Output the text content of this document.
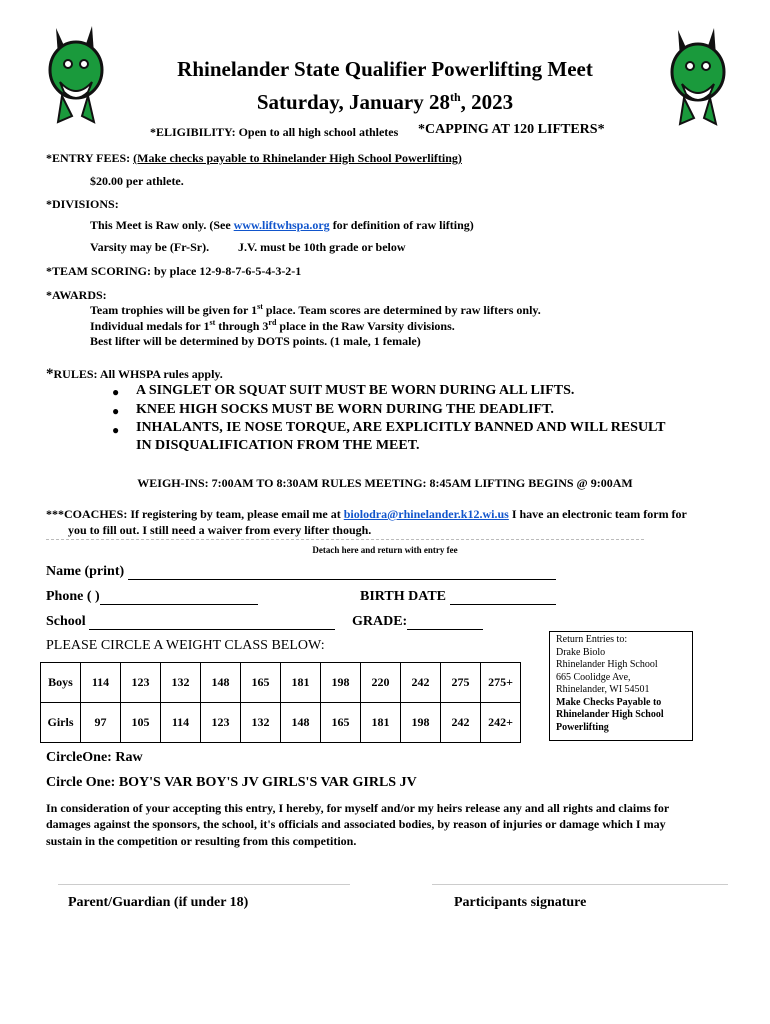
Rhinelander State Qualifier Powerlifting Meet
Saturday, January 28th, 2023
*ELIGIBILITY: Open to all high school athletes *CAPPING AT 120 LIFTERS*
*ENTRY FEES: (Make checks payable to Rhinelander High School Powerlifting)
$20.00 per athlete.
*DIVISIONS:
This Meet is Raw only. (See www.liftwhspa.org for definition of raw lifting)
Varsity may be (Fr-Sr). J.V. must be 10th grade or below
*TEAM SCORING: by place 12-9-8-7-6-5-4-3-2-1
*AWARDS:
Team trophies will be given for 1st place. Team scores are determined by raw lifters only.
Individual medals for 1st through 3rd place in the Raw Varsity divisions.
Best lifter will be determined by DOTS points. (1 male, 1 female)
*RULES: All WHSPA rules apply.
● A SINGLET OR SQUAT SUIT MUST BE WORN DURING ALL LIFTS.
● KNEE HIGH SOCKS MUST BE WORN DURING THE DEADLIFT.
● INHALANTS, IE NOSE TORQUE, ARE EXPLICITLY BANNED AND WILL RESULT
IN DISQUALIFICATION FROM THE MEET.
WEIGH-INS: 7:00AM TO 8:30AM RULES MEETING: 8:45AM LIFTING BEGINS @ 9:00AM
***COACHES: If registering by team, please email me at biolodra@rhinelander.k12.wi.us I have an electronic team form for
you to fill out. I still need a waiver from every lifter though.
Detach here and return with entry fee
Name (print)
Phone ( )	BIRTH DATE
School	GRADE:
PLEASE CIRCLE A WEIGHT CLASS BELOW:	Return Entries to:
Drake Biolo
Rhinelander High School
665 Coolidge Ave,
Rhinelander, WI 54501
Make Checks Payable to
Rhinelander High School
Powerlifting
Boys	114	123	132	148	165	181	198	220	242	275	275+
Girls	97	105	114	123	132	148	165	181	198	242	242+
CircleOne: Raw
Circle One: BOY'S VAR BOY'S JV GIRLS'S VAR GIRLS JV
In consideration of your accepting this entry, I hereby, for myself and/or my heirs release any and all rights and claims for
damages against the sponsors, the school, it's officials and associated bodies, by reason of injuries or damage which I may
sustain in the competition or resulting from this competition.
Parent/Guardian (if under 18)	Participants signature
